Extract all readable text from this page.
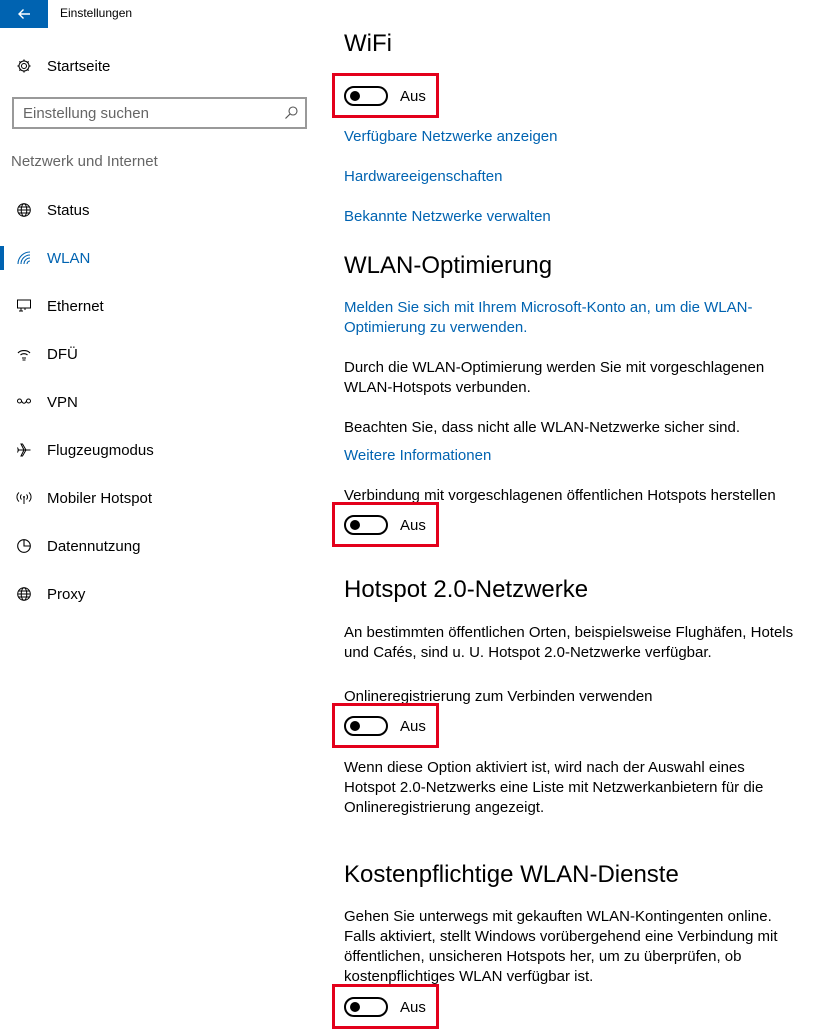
Einstellungen
Startseite
Einstellung suchen
Netzwerk und Internet
Status
WLAN
Ethernet
DFÜ
VPN
Flugzeugmodus
Mobiler Hotspot
Datennutzung
Proxy
WiFi
Aus
Verfügbare Netzwerke anzeigen
Hardwareeigenschaften
Bekannte Netzwerke verwalten
WLAN-Optimierung
Melden Sie sich mit Ihrem Microsoft-Konto an, um die WLAN-
Optimierung zu verwenden.
Durch die WLAN-Optimierung werden Sie mit vorgeschlagenen
WLAN-Hotspots verbunden.
Beachten Sie, dass nicht alle WLAN-Netzwerke sicher sind.
Weitere Informationen
Verbindung mit vorgeschlagenen öffentlichen Hotspots herstellen
Aus
Hotspot 2.0-Netzwerke
An bestimmten öffentlichen Orten, beispielsweise Flughäfen, Hotels
und Cafés, sind u. U. Hotspot 2.0-Netzwerke verfügbar.
Onlineregistrierung zum Verbinden verwenden
Aus
Wenn diese Option aktiviert ist, wird nach der Auswahl eines
Hotspot 2.0-Netzwerks eine Liste mit Netzwerkanbietern für die
Onlineregistrierung angezeigt.
Kostenpflichtige WLAN-Dienste
Gehen Sie unterwegs mit gekauften WLAN-Kontingenten online.
Falls aktiviert, stellt Windows vorübergehend eine Verbindung mit
öffentlichen, unsicheren Hotspots her, um zu überprüfen, ob
kostenpflichtiges WLAN verfügbar ist.
Aus
